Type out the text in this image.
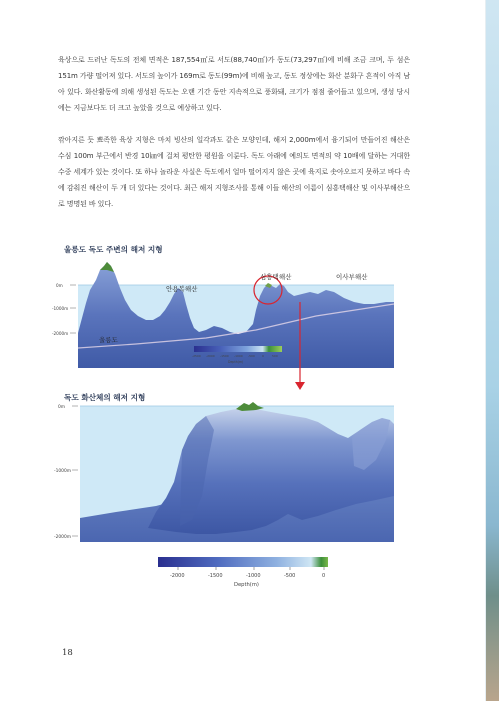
육상으로 드러난 독도의 전체 면적은 187,554㎡로 서도(88,740㎡)가 동도(73,297㎡)에 비해 조금 크며, 두 섬은 151m 가량 떨어져 있다. 서도의 높이가 169m로 동도(99m)에 비해 높고, 동도 정상에는 화산 분화구 흔적이 아직 남아 있다. 화산활동에 의해 생성된 독도는 오랜 기간 동안 지속적으로 풍화돼, 크기가 점점 줄어들고 있으며, 생성 당시에는 지금보다도 더 크고 높았을 것으로 예상하고 있다.

깎아지른 듯 뾰족한 육상 지형은 마치 빙산의 일각과도 같은 모양인데, 해저 2,000m에서 융기되어 만들어진 해산은 수심 100m 부근에서 반경 10㎞에 걸쳐 평탄한 평원을 이룬다. 독도 아래에 예의도 면적의 약 10배에 달하는 거대한 수중 세계가 있는 것이다. 또 하나 놀라운 사실은 독도에서 얼마 떨어지지 않은 곳에 육지로 솟아오르지 못하고 바다 속에 감춰진 해산이 두 개 더 있다는 것이다. 최근 해저 지형조사를 통해 이들 해산의 이름이 심흥택해산 및 이사부해산으로 명명된 바 있다.

울릉도 독도 주변의 해저 지형
0m
-1000m
-2000m
안용복해산
심흥택해산	이사부해산
울릉도
-2500 -2000 -1500 -1000 -500 0	500
Depth(m)
독도 화산체의 해저 지형
0m
-1000m
-2000m
-2000	-1500	-1000	-500	0
Depth(m)
18
